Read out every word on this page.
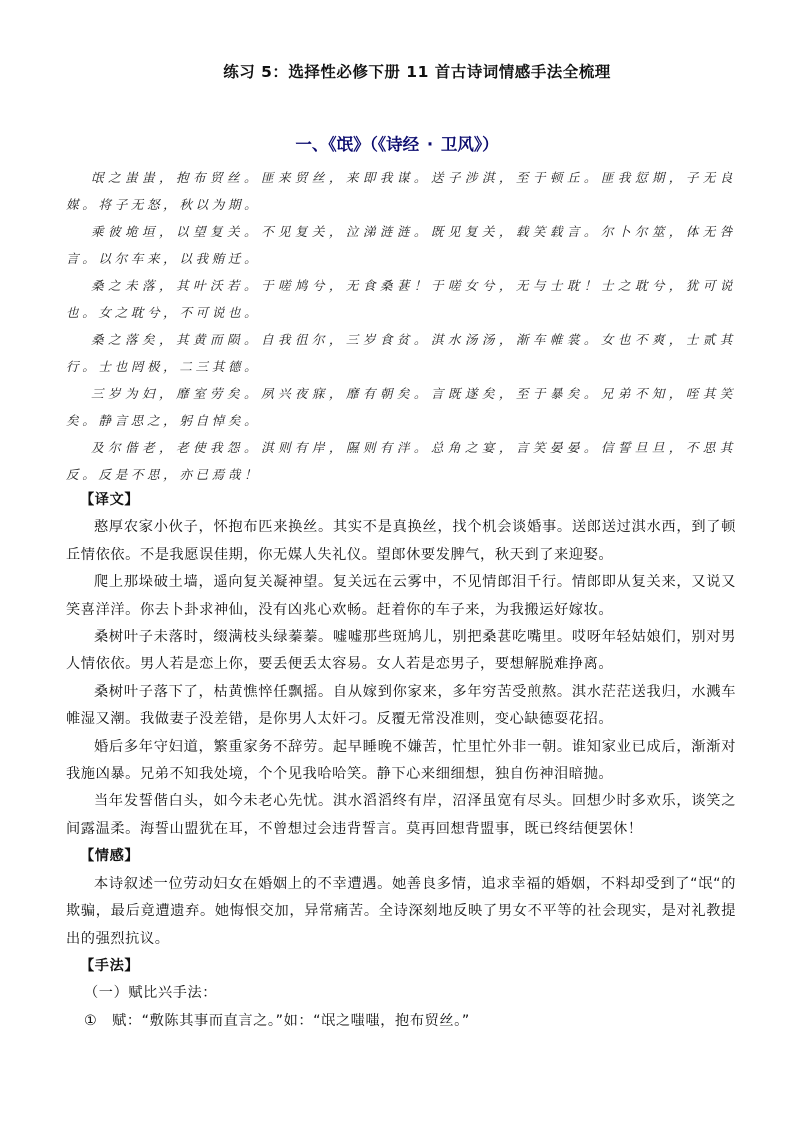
练习 5：选择性必修下册 11 首古诗词情感手法全梳理
一、《氓》（《诗经 · 卫风》）

氓之蚩蚩，抱布贸丝。匪来贸丝，来即我谋。送子涉淇，至于顿丘。匪我愆期，子无良媒。将子无怒，秋以为期。

乘彼垝垣，以望复关。不见复关，泣涕涟涟。既见复关，载笑载言。尔卜尔筮，体无咎言。以尔车来，以我贿迁。

桑之未落，其叶沃若。于嗟鸠兮，无食桑葚！于嗟女兮，无与士耽！士之耽兮，犹可说也。女之耽兮，不可说也。

桑之落矣，其黄而陨。自我徂尔，三岁食贫。淇水汤汤，渐车帷裳。女也不爽，士贰其行。士也罔极，二三其德。

三岁为妇，靡室劳矣。夙兴夜寐，靡有朝矣。言既遂矣，至于暴矣。兄弟不知，咥其笑矣。静言思之，躬自悼矣。

及尔偕老，老使我怨。淇则有岸，隰则有泮。总角之宴，言笑晏晏。信誓旦旦，不思其反。反是不思，亦已焉哉！

【译文】

憨厚农家小伙子，怀抱布匹来换丝。其实不是真换丝，找个机会谈婚事。送郎送过淇水西，到了顿丘情依依。不是我愿误佳期，你无媒人失礼仪。望郎休要发脾气，秋天到了来迎娶。

爬上那垛破土墙，遥向复关凝神望。复关远在云雾中，不见情郎泪千行。情郎即从复关来，又说又笑喜洋洋。你去卜卦求神仙，没有凶兆心欢畅。赶着你的车子来，为我搬运好嫁妆。

桑树叶子未落时，缀满枝头绿蓁蓁。嘘嘘那些斑鸠儿，别把桑葚吃嘴里。哎呀年轻姑娘们，别对男人情依依。男人若是恋上你，要丢便丢太容易。女人若是恋男子，要想解脱难挣离。

桑树叶子落下了，枯黄憔悴任飘摇。自从嫁到你家来，多年穷苦受煎熬。淇水茫茫送我归，水溅车帷湿又潮。我做妻子没差错，是你男人太奸刁。反覆无常没准则，变心缺德耍花招。

婚后多年守妇道，繁重家务不辞劳。起早睡晚不嫌苦，忙里忙外非一朝。谁知家业已成后，渐渐对我施凶暴。兄弟不知我处境，个个见我哈哈笑。静下心来细细想，独自伤神泪暗抛。

当年发誓偕白头，如今未老心先忧。淇水滔滔终有岸，沼泽虽宽有尽头。回想少时多欢乐，谈笑之间露温柔。海誓山盟犹在耳，不曾想过会违背誓言。莫再回想背盟事，既已终结便罢休！

【情感】

本诗叙述一位劳动妇女在婚姻上的不幸遭遇。她善良多情，追求幸福的婚姻，不料却受到了“氓“的欺骗，最后竟遭遗弃。她悔恨交加，异常痛苦。全诗深刻地反映了男女不平等的社会现实，是对礼教提出的强烈抗议。

【手法】

（一）赋比兴手法：

①　赋：“敷陈其事而直言之。”如：“氓之嗤嗤，抱布贸丝。”
